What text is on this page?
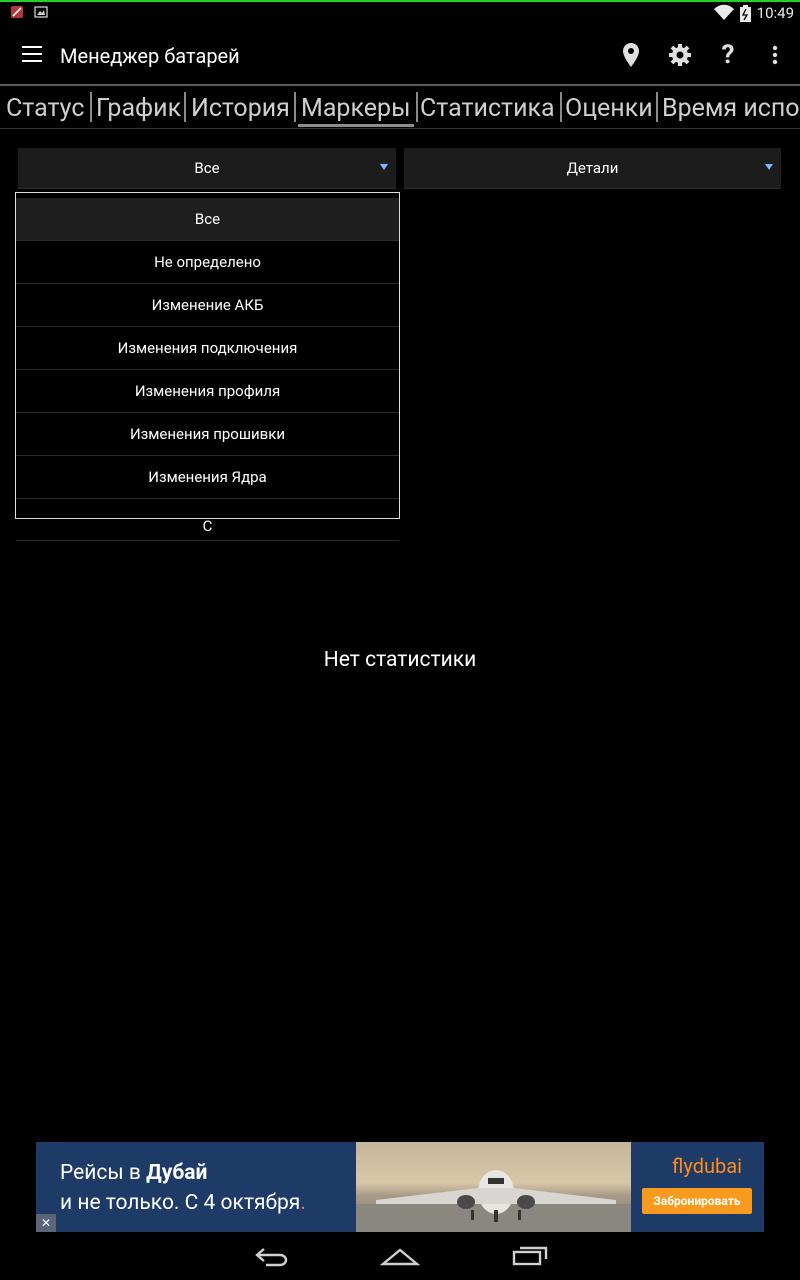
10:49
Менеджер батарей	?
Статус График История Маркеры Статистика Оценки Время испо
Все	Детали
Все
Не определено
Изменение АКБ
Изменения подключения
Изменения профиля
Изменения прошивки
Изменения Ядра
С
Нет статистики
Рейсы в Дубай
и не только. С 4 октября.
flydubai
Забронировать
✕
